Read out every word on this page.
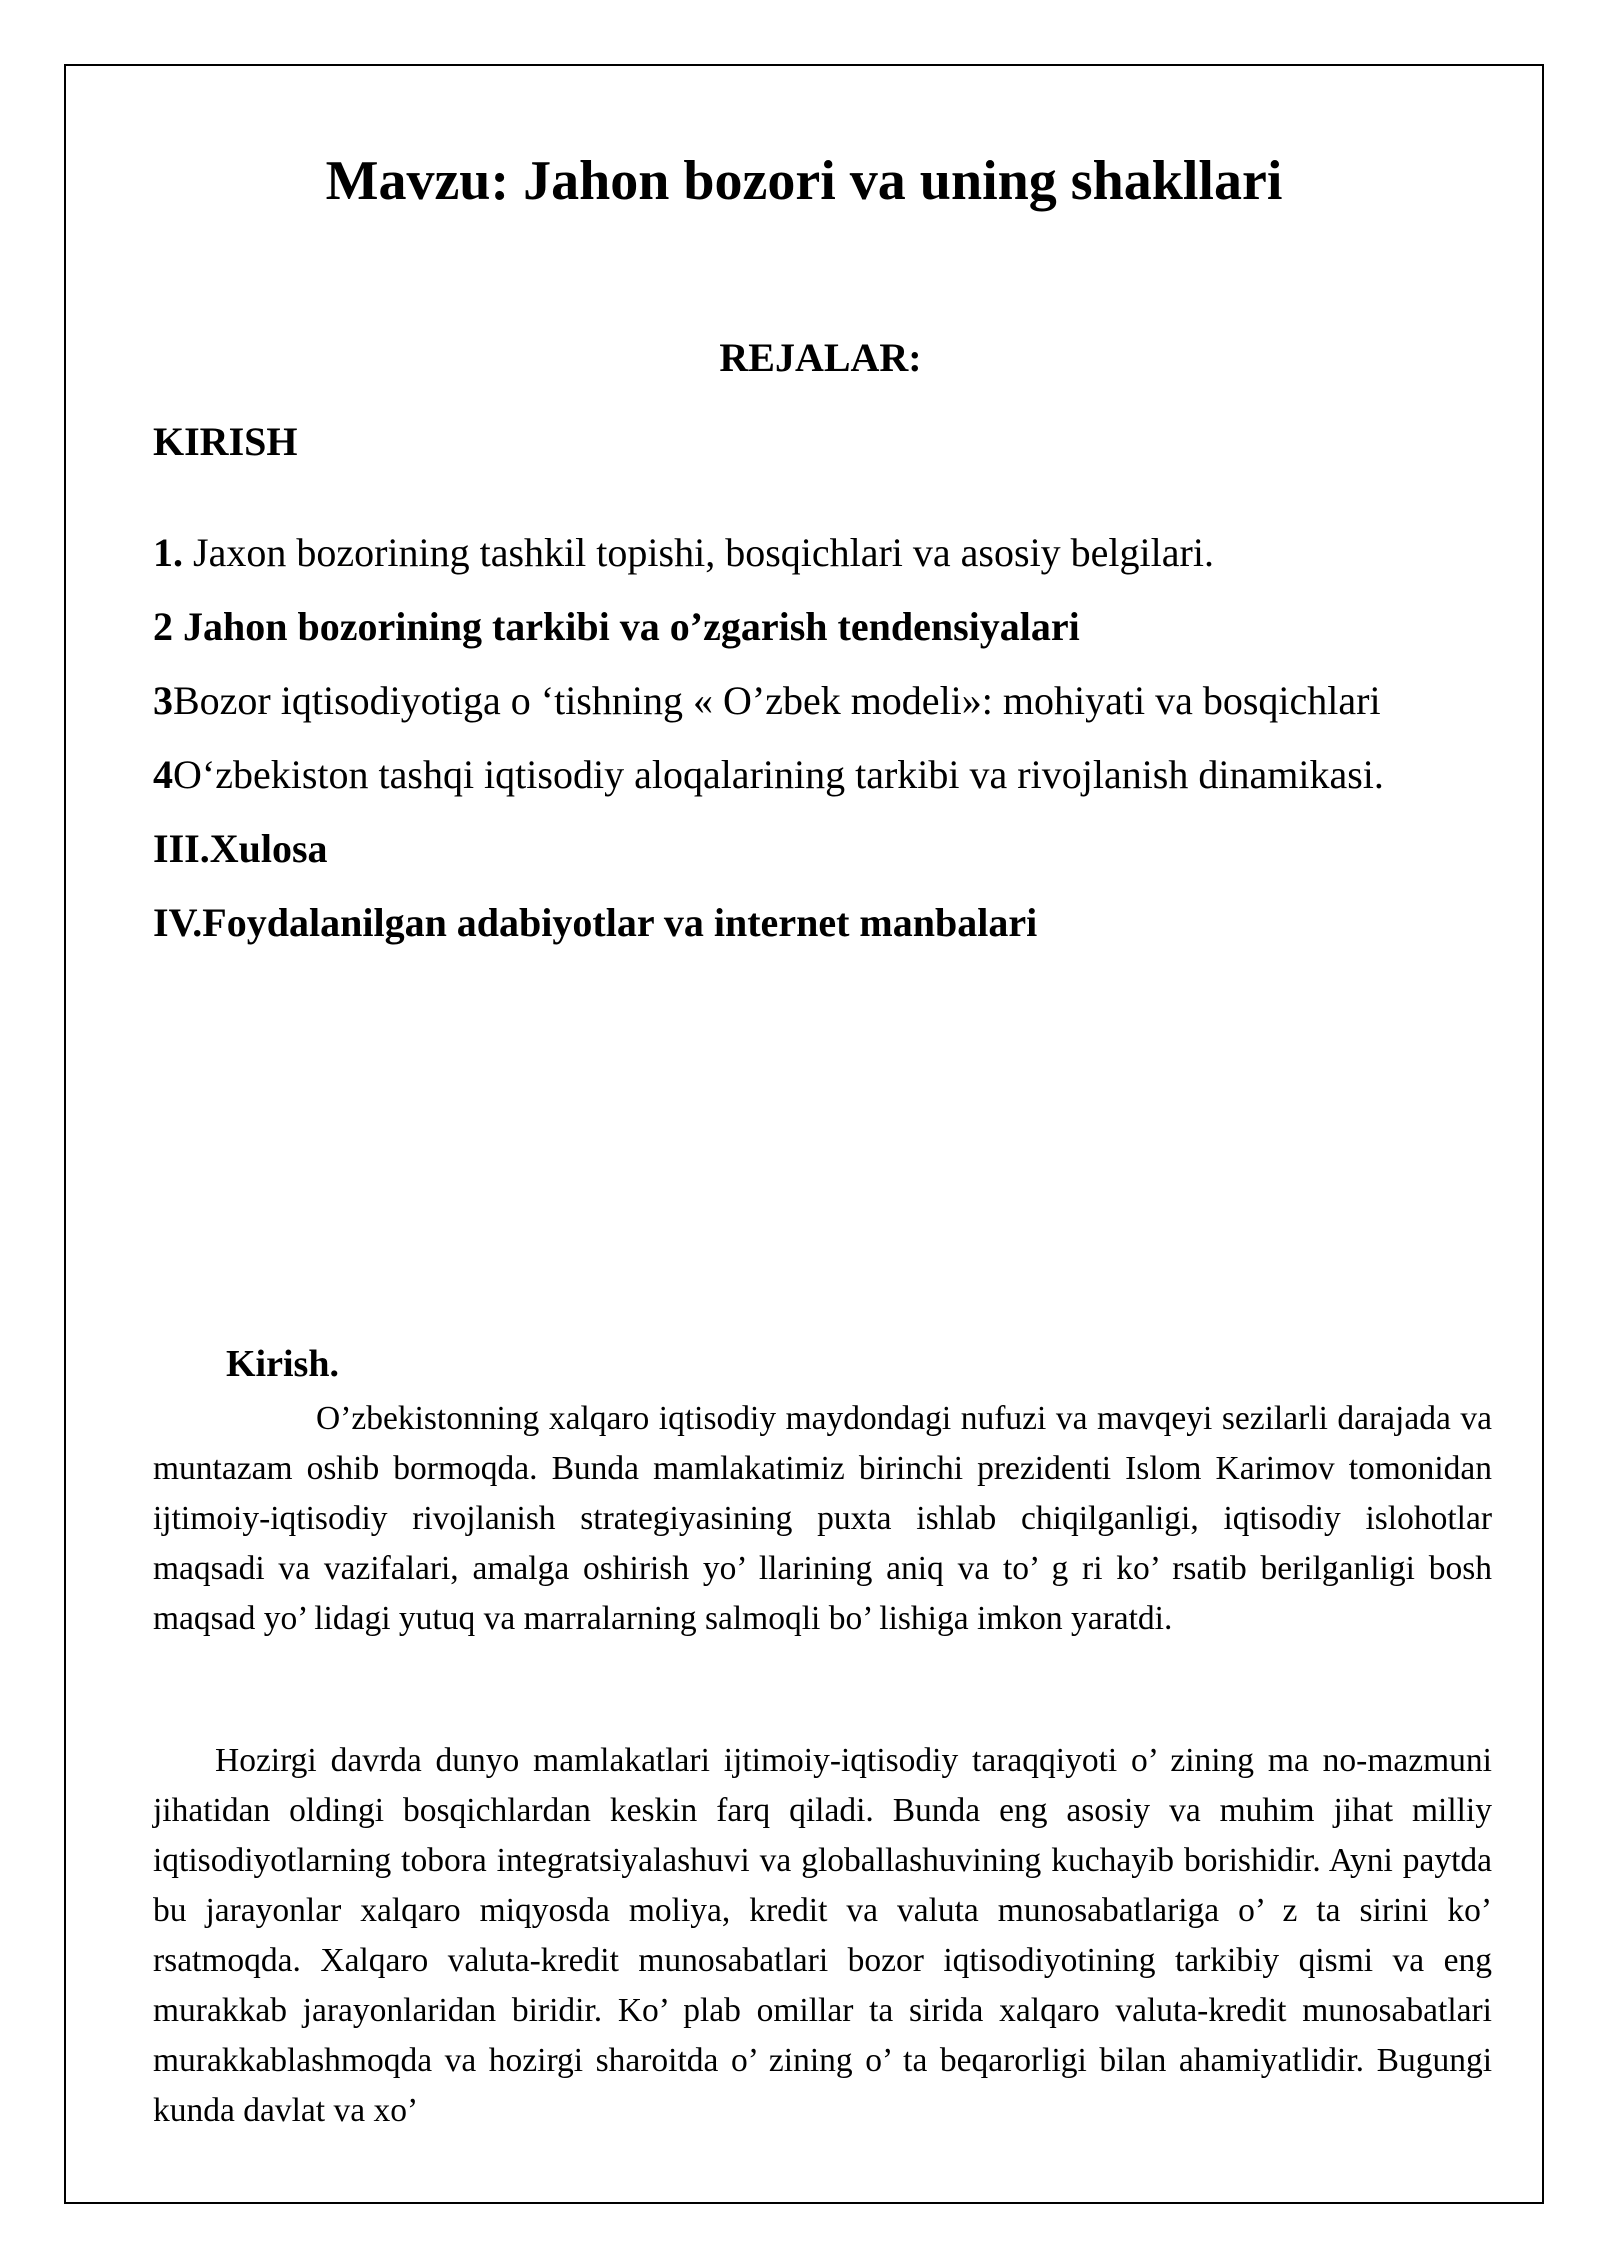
Mavzu: Jahon bozori va uning shakllari
REJALAR:
KIRISH
1. Jaxon bozorining tashkil topishi, bosqichlari va asosiy belgilari.
2 Jahon bozorining tarkibi va o’zgarish tendensiyalari
3Bozor iqtisodiyotiga o ‘tishning « O’zbek modeli»: mohiyati va bosqichlari
4O‘zbekiston tashqi iqtisodiy aloqalarining tarkibi va rivojlanish dinamikasi.
III.Xulosa
IV.Foydalanilgan adabiyotlar va internet manbalari
Kirish.

O’zbekistonning xalqaro iqtisodiy maydondagi nufuzi va mavqeyi sezilarli darajada va muntazam oshib bormoqda. Bunda mamlakatimiz birinchi prezidenti Islom Karimov tomonidan ijtimoiy-iqtisodiy rivojlanish strategiyasining puxta ishlab chiqilganligi, iqtisodiy islohotlar maqsadi va vazifalari, amalga oshirish yo’ llarining aniq va to’ g ri ko’ rsatib berilganligi bosh maqsad yo’ lidagi yutuq va marralarning salmoqli bo’ lishiga imkon yaratdi.

Hozirgi davrda dunyo mamlakatlari ijtimoiy-iqtisodiy taraqqiyoti o’ zining ma no-mazmuni jihatidan oldingi bosqichlardan keskin farq qiladi. Bunda eng asosiy va muhim jihat milliy iqtisodiyotlarning tobora integratsiyalashuvi va globallashuvining kuchayib borishidir. Ayni paytda bu jarayonlar xalqaro miqyosda moliya, kredit va valuta munosabatlariga o’ z ta sirini ko’ rsatmoqda. Xalqaro valuta-kredit munosabatlari bozor iqtisodiyotining tarkibiy qismi va eng murakkab jarayonlaridan biridir. Ko’ plab omillar ta sirida xalqaro valuta-kredit munosabatlari murakkablashmoqda va hozirgi sharoitda o’ zining o’ ta beqarorligi bilan ahamiyatlidir. Bugungi kunda davlat va xo’
